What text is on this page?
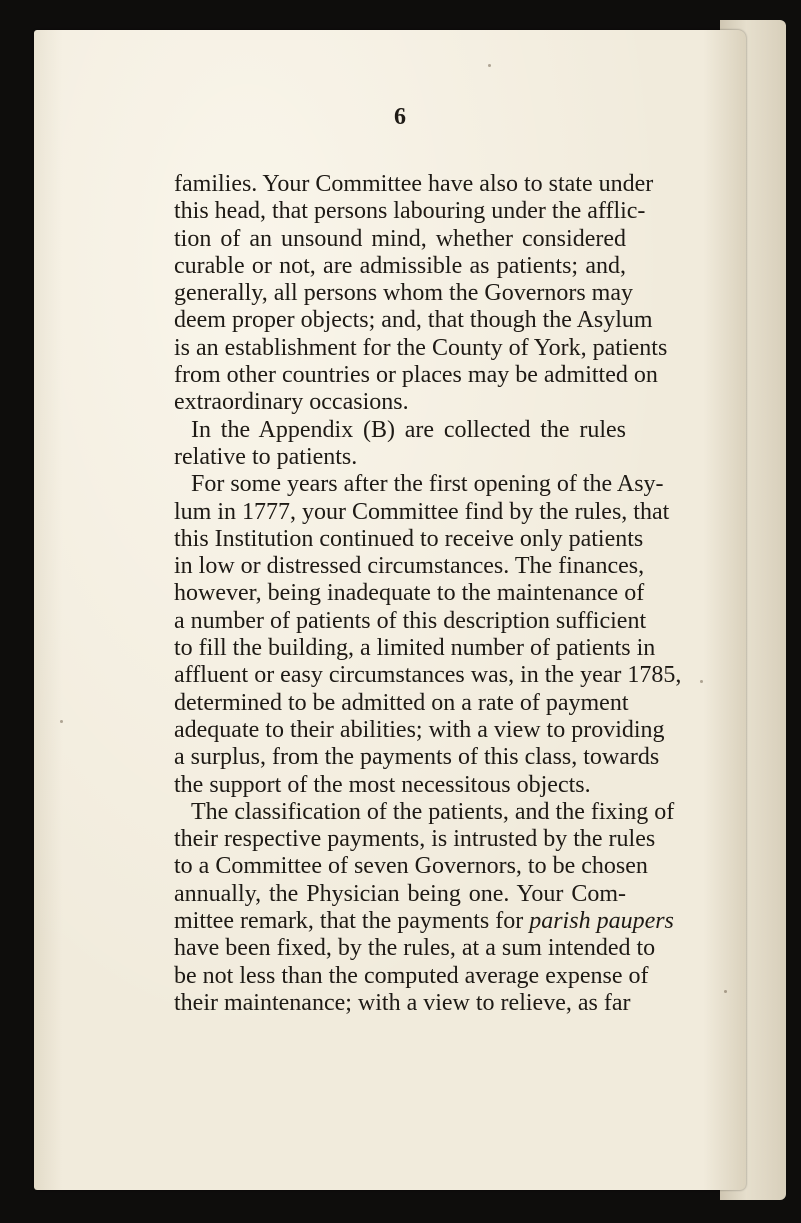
6
families. Your Committee have also to state under
this head, that persons labouring under the afflic-
tion of an unsound mind, whether considered
curable or not, are admissible as patients; and,
generally, all persons whom the Governors may
deem proper objects; and, that though the Asylum
is an establishment for the County of York, patients
from other countries or places may be admitted on
extraordinary occasions.
In the Appendix (B) are collected the rules
relative to patients.
For some years after the first opening of the Asy-
lum in 1777, your Committee find by the rules, that
this Institution continued to receive only patients
in low or distressed circumstances. The finances,
however, being inadequate to the maintenance of
a number of patients of this description sufficient
to fill the building, a limited number of patients in
affluent or easy circumstances was, in the year 1785,
determined to be admitted on a rate of payment
adequate to their abilities; with a view to providing
a surplus, from the payments of this class, towards
the support of the most necessitous objects.
The classification of the patients, and the fixing of
their respective payments, is intrusted by the rules
to a Committee of seven Governors, to be chosen
annually, the Physician being one. Your Com-
mittee remark, that the payments for parish paupers
have been fixed, by the rules, at a sum intended to
be not less than the computed average expense of
their maintenance; with a view to relieve, as far
